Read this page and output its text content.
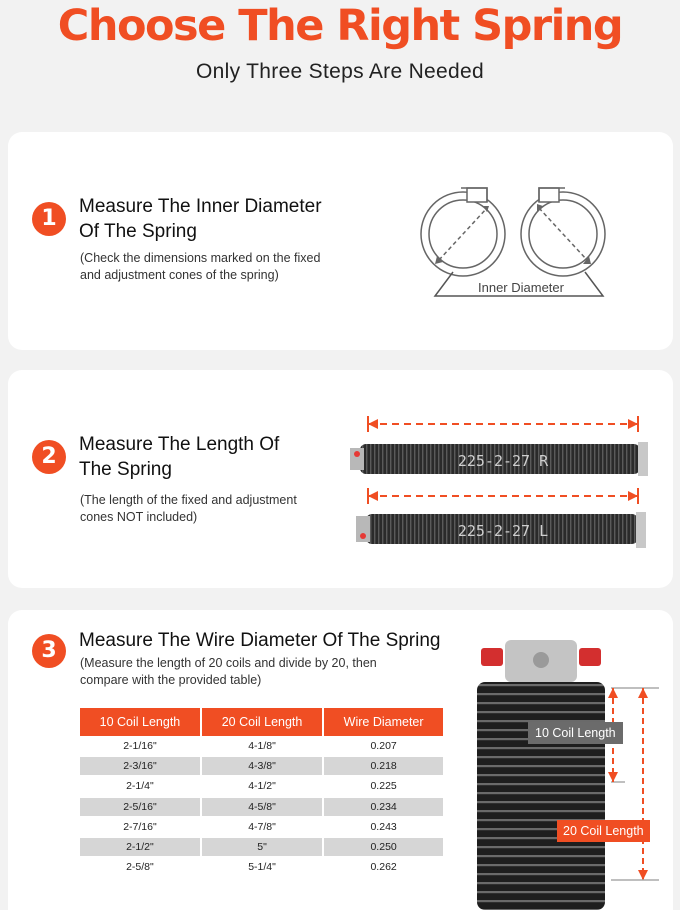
Choose The Right Spring
Only Three Steps Are Needed
1	Measure The Inner Diameter
Of The Spring
(Check the dimensions marked on the fixed
and adjustment cones of the spring)
Inner Diameter
2	Measure The Length Of
The Spring
(The length of the fixed and adjustment
cones NOT included)
225-2-27 R
225-2-27 L
3	Measure The Wire Diameter Of The Spring
(Measure the length of 20 coils and divide by 20, then
compare with the provided table)
10 Coil Length	20 Coil Length	Wire Diameter
2-1/16"	4-1/8"	0.207
2-3/16"	4-3/8"	0.218
2-1/4"	4-1/2"	0.225
2-5/16"	4-5/8"	0.234
2-7/16"	4-7/8"	0.243
2-1/2"	5"	0.250
2-5/8"	5-1/4"	0.262
10 Coil Length
20 Coil Length
